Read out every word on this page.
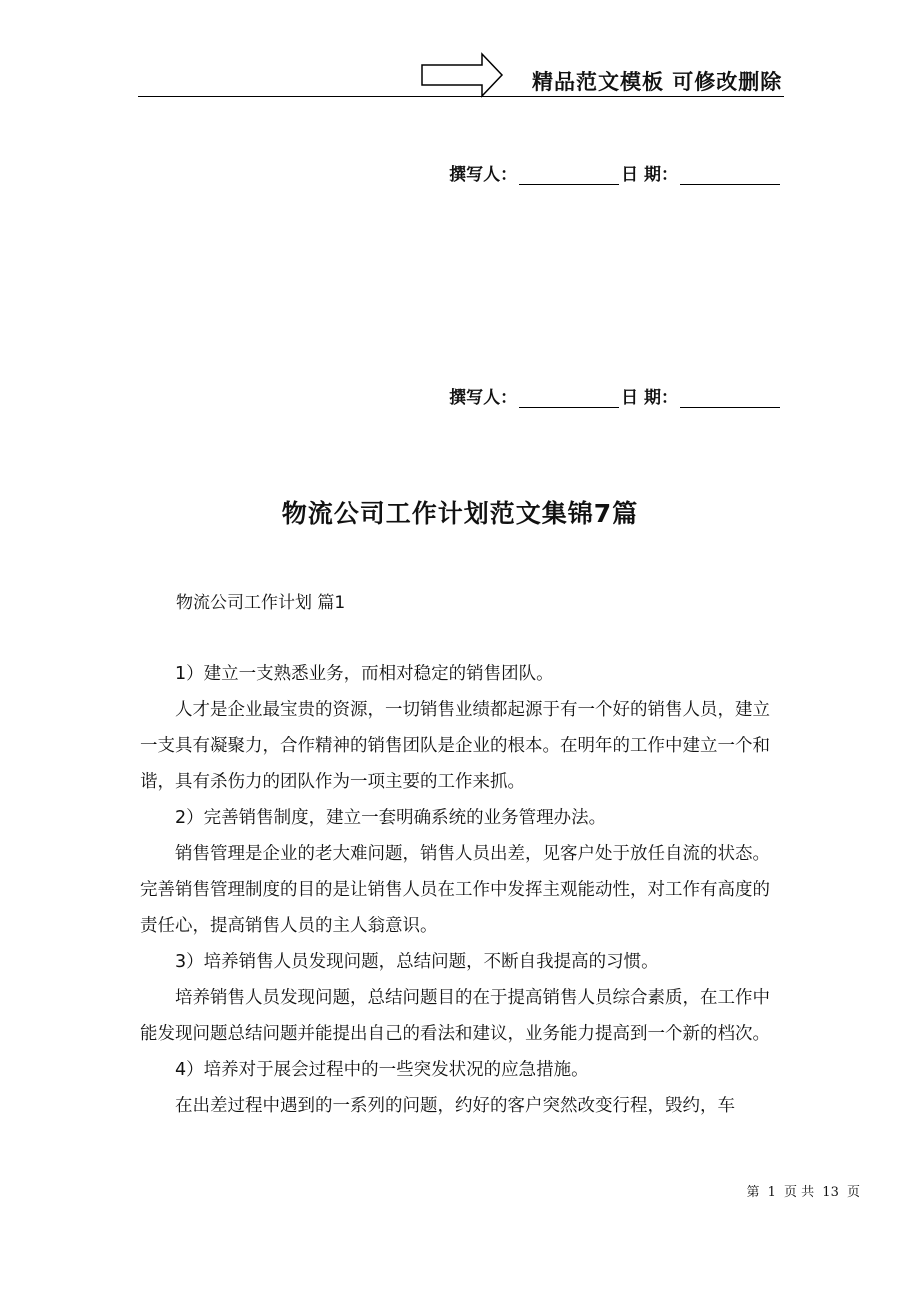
精品范文模板 可修改删除
撰写人：	日 期：
撰写人：	日 期：
物流公司工作计划范文集锦7篇
物流公司工作计划 篇1

1）建立一支熟悉业务，而相对稳定的销售团队。

人才是企业最宝贵的资源，一切销售业绩都起源于有一个好的销售人员，建立一支具有凝聚力，合作精神的销售团队是企业的根本。在明年的工作中建立一个和谐，具有杀伤力的团队作为一项主要的工作来抓。

2）完善销售制度，建立一套明确系统的业务管理办法。

销售管理是企业的老大难问题，销售人员出差，见客户处于放任自流的状态。完善销售管理制度的目的是让销售人员在工作中发挥主观能动性，对工作有高度的责任心，提高销售人员的主人翁意识。

3）培养销售人员发现问题，总结问题，不断自我提高的习惯。

培养销售人员发现问题，总结问题目的在于提高销售人员综合素质，在工作中能发现问题总结问题并能提出自己的看法和建议，业务能力提高到一个新的档次。

4）培养对于展会过程中的一些突发状况的应急措施。

在出差过程中遇到的一系列的问题，约好的客户突然改变行程，毁约，车

第 1 页 共 13 页
